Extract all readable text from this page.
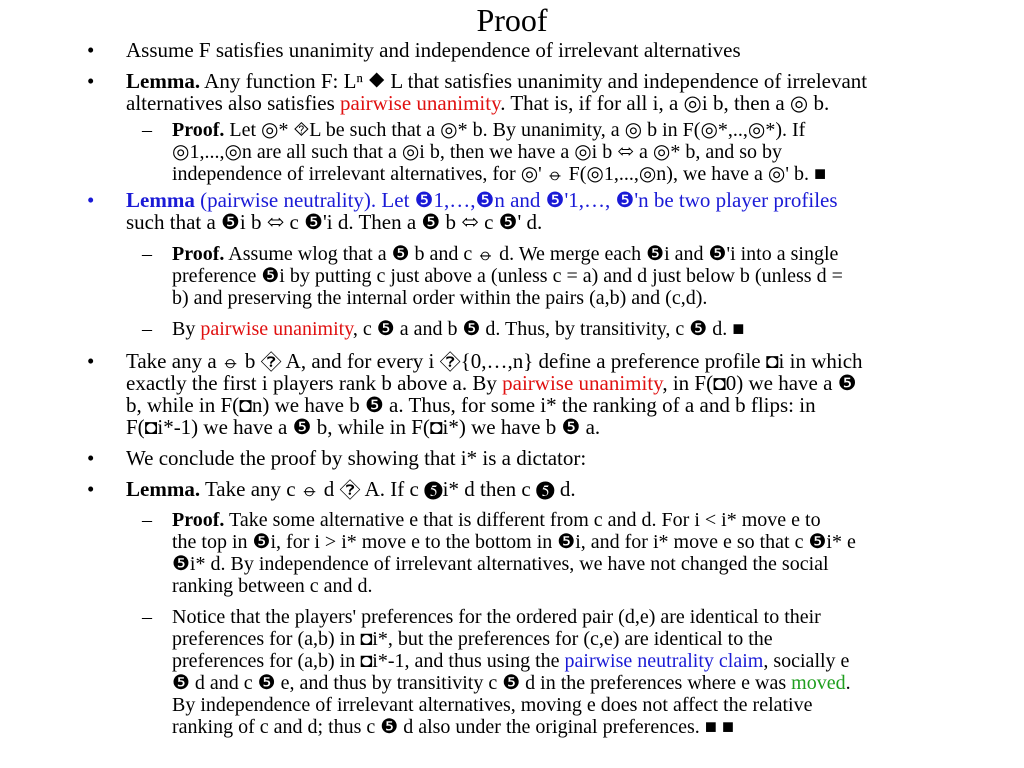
Proof
•
•
•
•
•
•
–
–
–
–
–
Assume F satisfies unanimity and independence of irrelevant alternatives
Lemma. Any function F: Lⁿ ⯁ L that satisfies unanimity and independence of irrelevant
alternatives also satisfies pairwise unanimity. That is, if for all i, a ◎i b, then a ◎ b.
Proof. Let ◎* ⯑L be such that a ◎* b. By unanimity, a ◎ b in F(◎*,..,◎*). If
◎1,...,◎n are all such that a ◎i b, then we have a ◎i b ⬄ a ◎* b, and so by
independence of irrelevant alternatives, for ◎' ⦵ F(◎1,...,◎n), we have a ◎' b. ■
Lemma (pairwise neutrality). Let ❺1,…,❺n and ❺'1,…, ❺'n be two player profiles
such that a ❺i b ⬄ c ❺'i d. Then a ❺ b ⬄ c ❺' d.
Proof. Assume wlog that a ❺ b and c ⦵ d. We merge each ❺i and ❺'i into a single
preference ❺i by putting c just above a (unless c = a) and d just below b (unless d =
b) and preserving the internal order within the pairs (a,b) and (c,d).
By pairwise unanimity, c ❺ a and b ❺ d. Thus, by transitivity, c ❺ d. ■
Take any a ⦵ b ⯑ A, and for every i ⯑{0,…,n} define a preference profile ◘i in which
exactly the first i players rank b above a. By pairwise unanimity, in F(◘0) we have a ❺
b, while in F(◘n) we have b ❺ a. Thus, for some i* the ranking of a and b flips: in
F(◘i*-1) we have a ❺ b, while in F(◘i*) we have b ❺ a.
We conclude the proof by showing that i* is a dictator:
Lemma. Take any c ⦵ d ⯑ A. If c ❺i* d then c ❺ d.
Proof. Take some alternative e that is different from c and d. For i < i* move e to
the top in ❺i, for i > i* move e to the bottom in ❺i, and for i* move e so that c ❺i* e
❺i* d. By independence of irrelevant alternatives, we have not changed the social
ranking between c and d.
Notice that the players' preferences for the ordered pair (d,e) are identical to their
preferences for (a,b) in ◘i*, but the preferences for (c,e) are identical to the
preferences for (a,b) in ◘i*-1, and thus using the pairwise neutrality claim, socially e
❺ d and c ❺ e, and thus by transitivity c ❺ d in the preferences where e was moved.
By independence of irrelevant alternatives, moving e does not affect the relative
ranking of c and d; thus c ❺ d also under the original preferences. ■ ■
